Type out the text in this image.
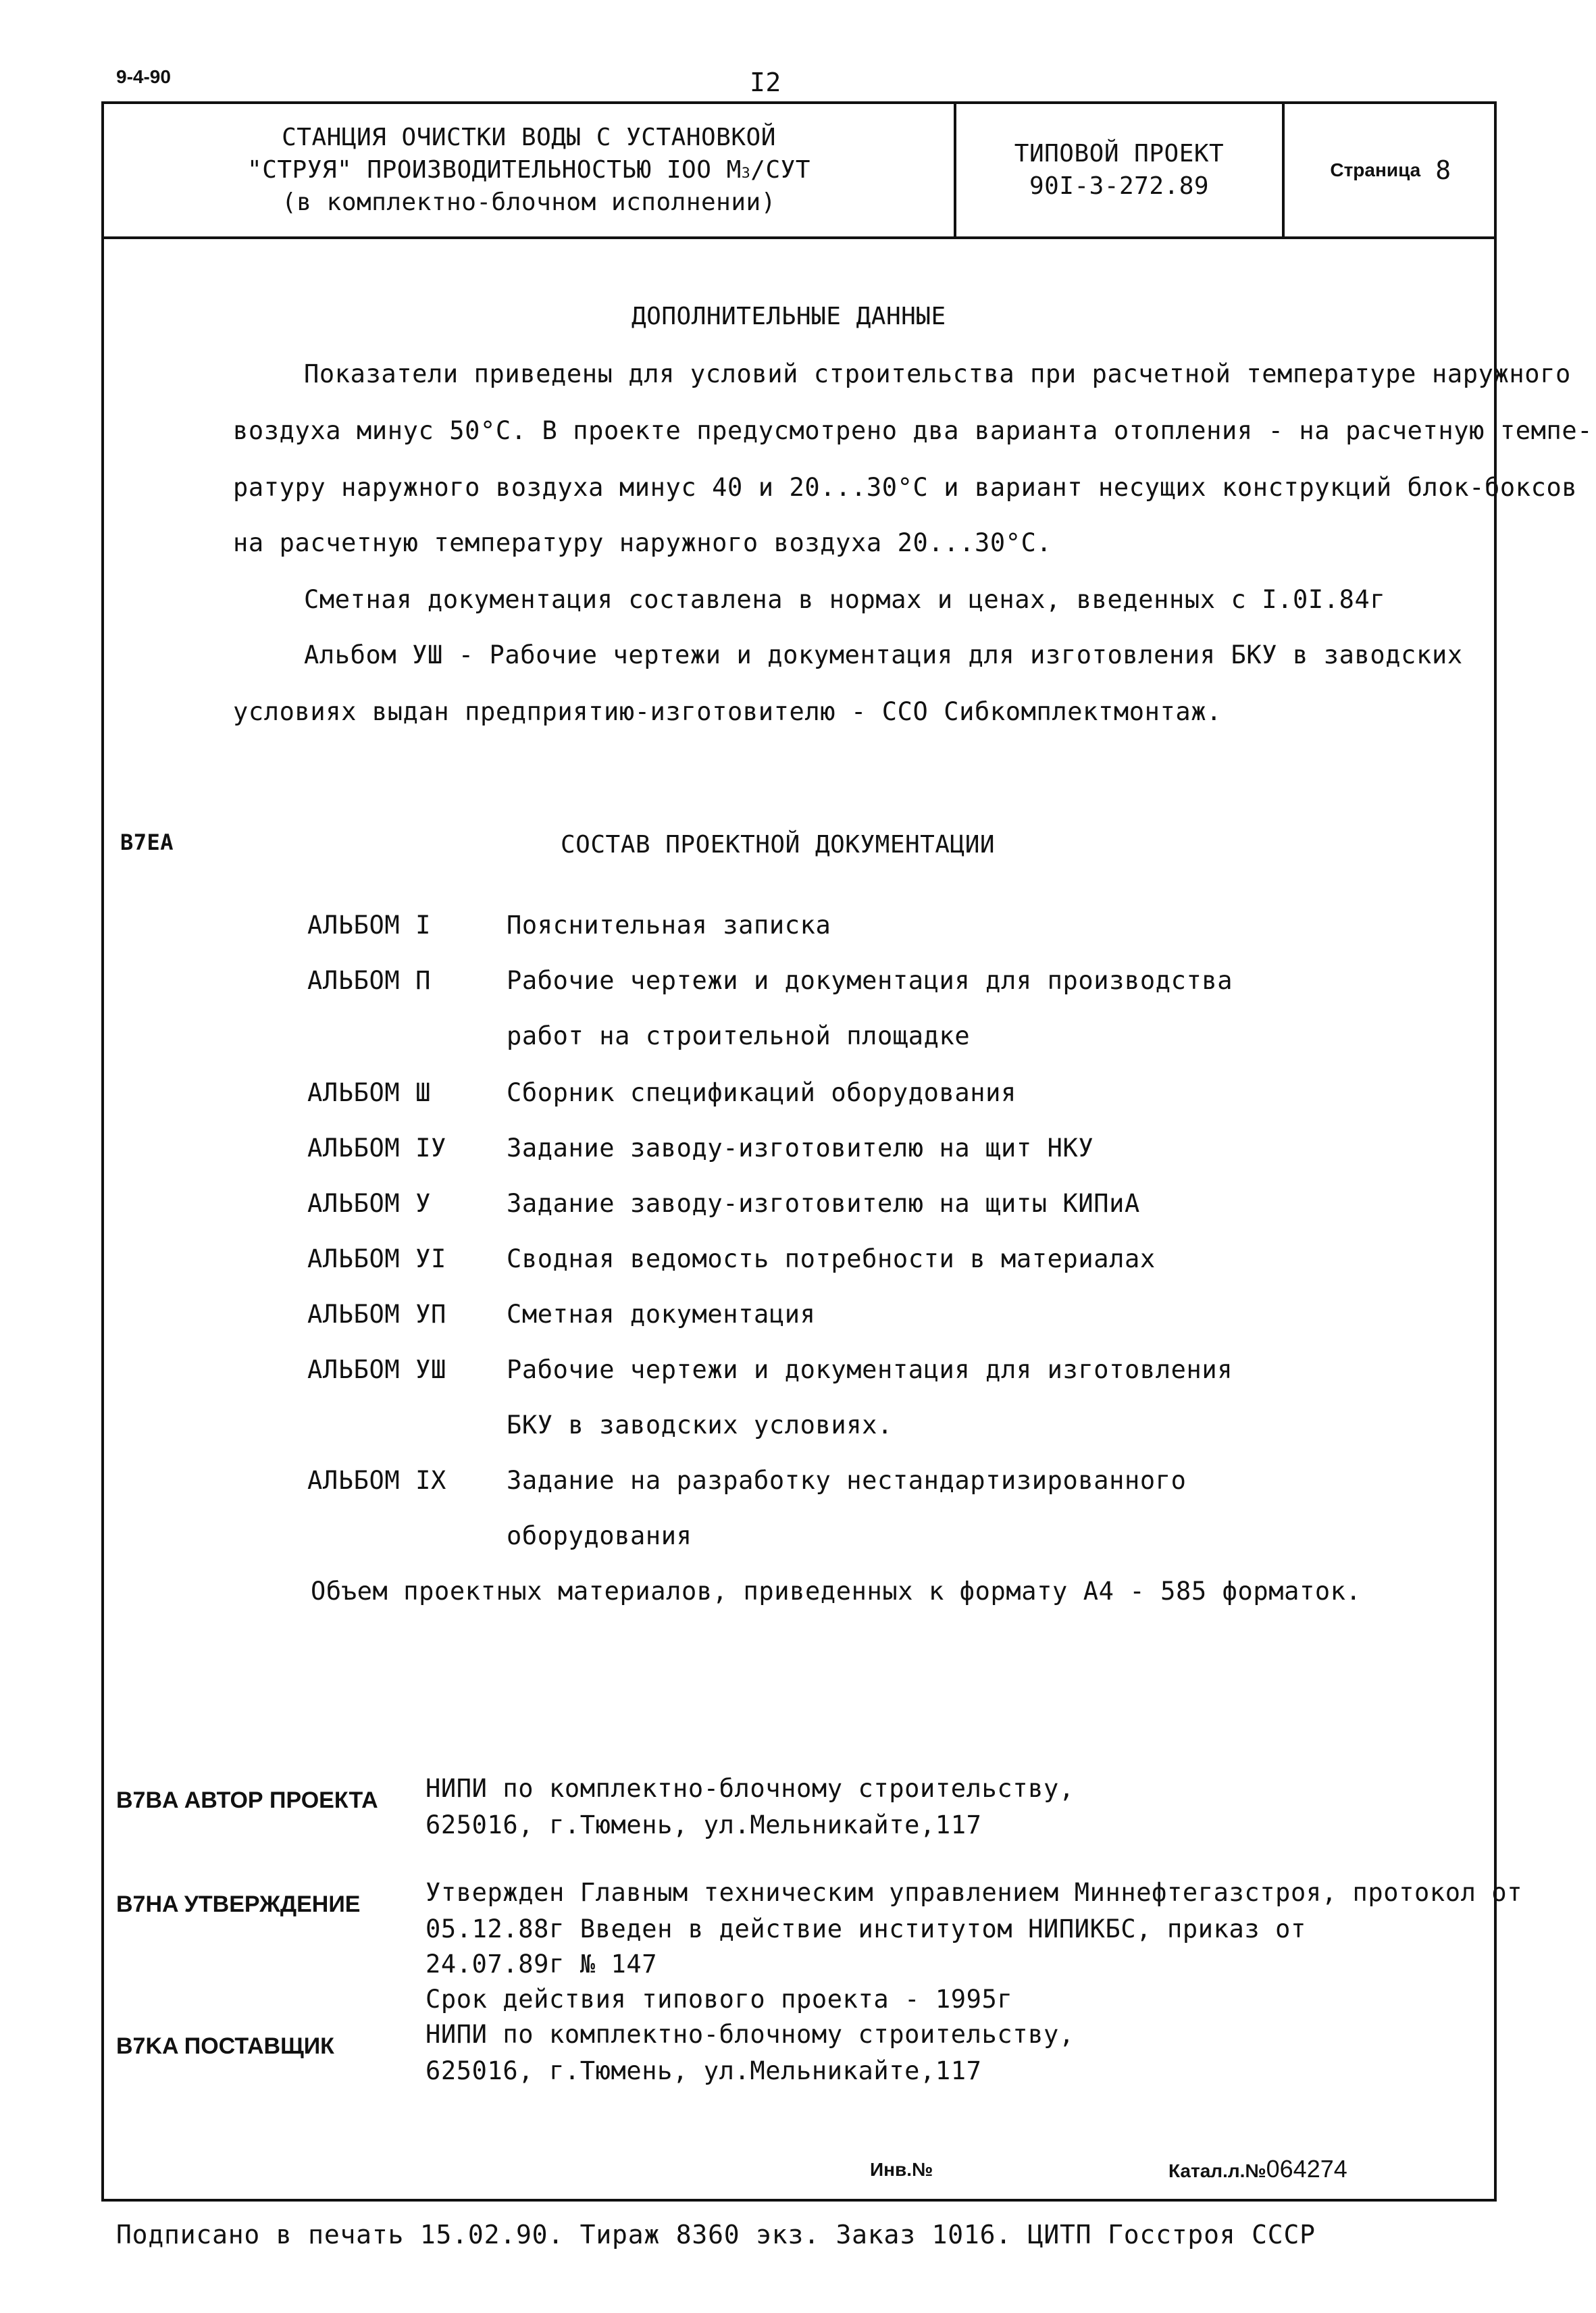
9-4-90	I2
СТАНЦИЯ ОЧИСТКИ ВОДЫ С УСТАНОВКОЙ
"СТРУЯ" ПРОИЗВОДИТЕЛЬНОСТЬЮ IOO $М^3$/СУТ
(в комплектно-блочном исполнении)
ТИПОВОЙ ПРОЕКТ
90I-3-272.89
Страница 8
ДОПОЛНИТЕЛЬНЫЕ ДАННЫЕ
Показатели приведены для условий строительства при расчетной температуре наружного
воздуха минус 50°С. В проекте предусмотрено два варианта отопления - на расчетную темпе-
ратуру наружного воздуха минус 40 и 20...30°С и вариант несущих конструкций блок-боксов
на расчетную температуру наружного воздуха 20...30°С.
Сметная документация составлена в нормах и ценах, введенных с I.0I.84г
Альбом УШ - Рабочие чертежи и документация для изготовления БКУ в заводских
условиях выдан предприятию-изготовителю - ССО Сибкомплектмонтаж.
B7EA	СОСТАВ ПРОЕКТНОЙ ДОКУМЕНТАЦИИ
АЛЬБОМ I	Пояснительная записка
АЛЬБОМ П	Рабочие чертежи и документация для производства
работ на строительной площадке
АЛЬБОМ Ш	Сборник спецификаций оборудования
АЛЬБОМ IУ Задание заводу-изготовителю на щит НКУ
АЛЬБОМ У	Задание заводу-изготовителю на щиты КИПиА
АЛЬБОМ УI Сводная ведомость потребности в материалах
АЛЬБОМ УП Сметная документация
АЛЬБОМ УШ Рабочие чертежи и документация для изготовления
БКУ в заводских условиях.
АЛЬБОМ IX Задание на разработку нестандартизированного
оборудования
Объем проектных материалов, приведенных к формату А4 - 585 форматок.
B7BA АВТОР ПРОЕКТА НИПИ по комплектно-блочному строительству,
625016, г.Тюмень, ул.Мельникайте,117
B7HA УТВЕРЖДЕНИЕ	Утвержден Главным техническим управлением Миннефтегазстроя, протокол от
05.12.88г Введен в действие институтом НИПИКБС, приказ от
24.07.89г № 147
Срок действия типового проекта - 1995г
B7KA ПОСТАВЩИК	НИПИ по комплектно-блочному строительству,
625016, г.Тюмень, ул.Мельникайте,117
Инв.№	Катал.л.№064274
Подписано в печать 15.02.90. Тираж 8360 экз. Заказ 1016. ЦИТП Госстроя СССР
